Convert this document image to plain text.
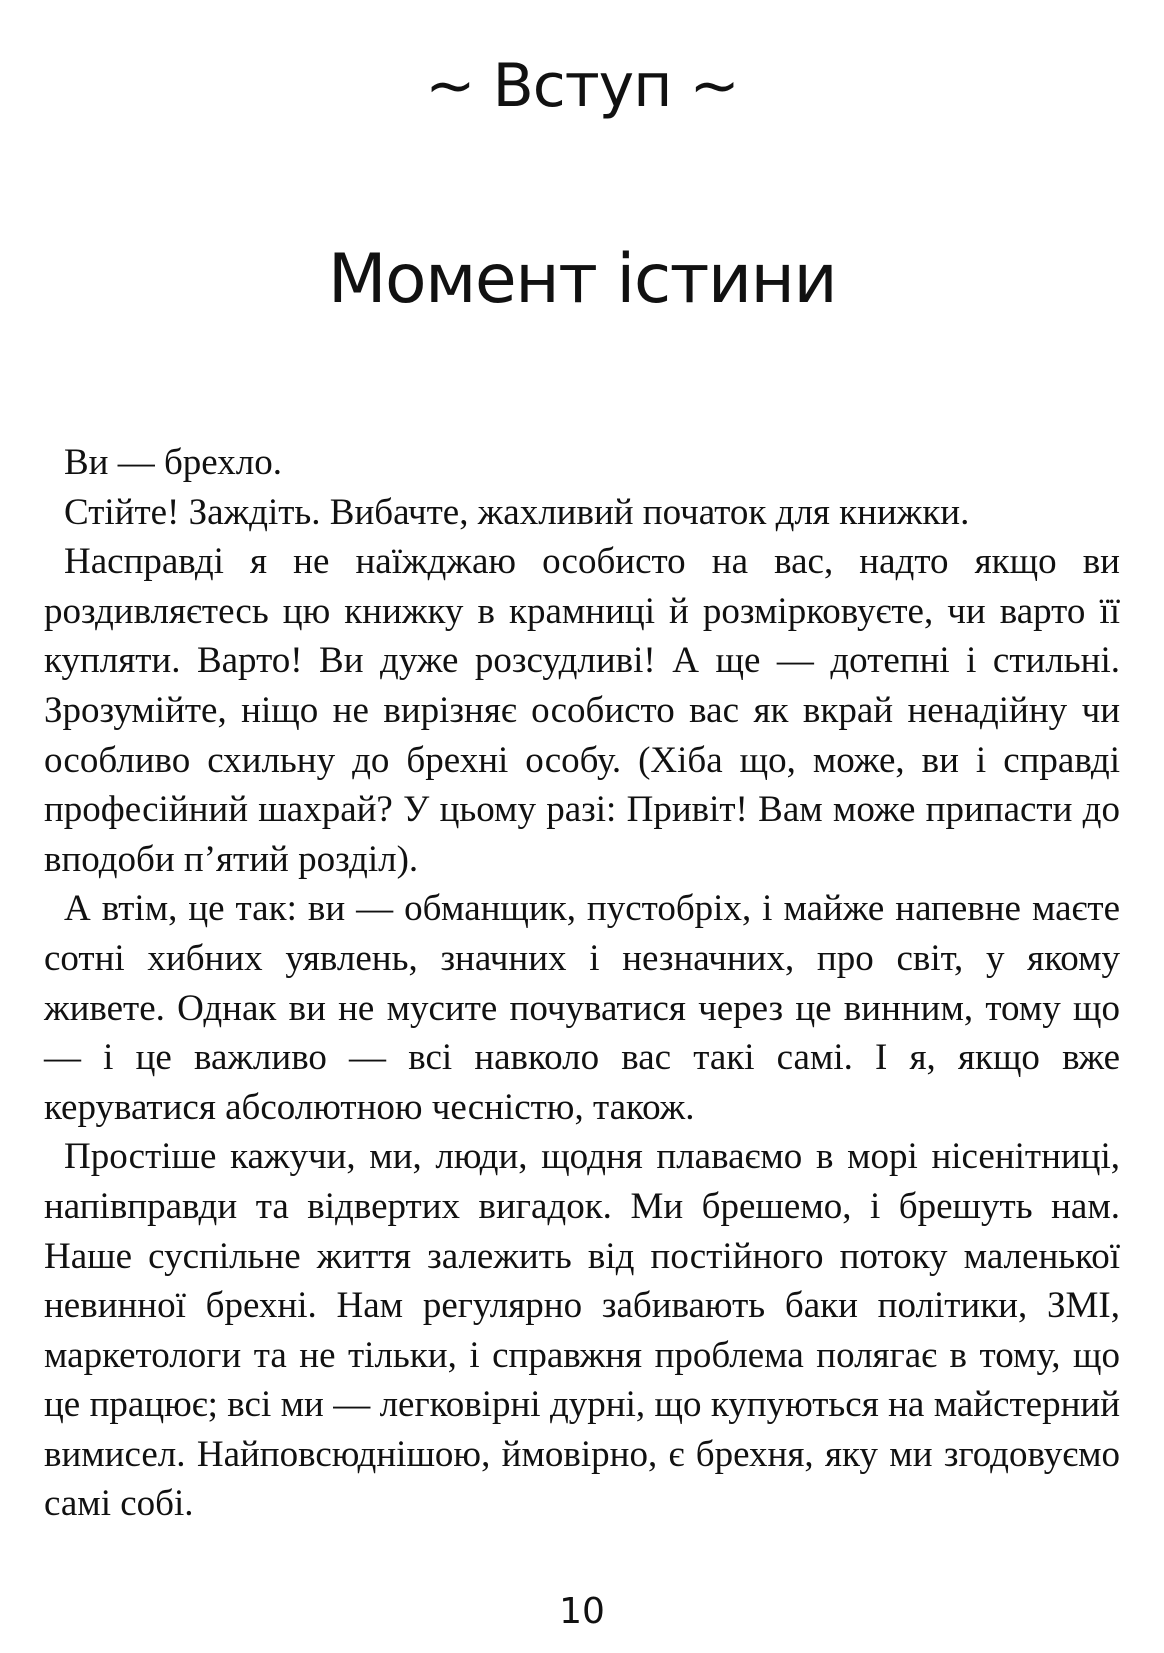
~ Вступ ~
Момент істини

Ви — брехло.

Стійте! Заждіть. Вибачте, жахливий початок для книжки.

Насправді я не наїжджаю особисто на вас, надто якщо ви роздивляєтесь цю книжку в крамниці й розмірковуєте, чи варто її купляти. Варто! Ви дуже розсудливі! А ще — дотепні і стильні. Зрозумійте, ніщо не вирізняє особисто вас як вкрай ненадійну чи особливо схильну до брехні особу. (Хіба що, може, ви і справді професійний шахрай? У цьому разі: Привіт! Вам може припасти до вподоби п’ятий розділ).

А втім, це так: ви — обманщик, пустобріх, і майже напевне маєте сотні хибних уявлень, значних і незначних, про світ, у якому живете. Однак ви не мусите почуватися через це винним, тому що — і це важливо — всі навколо вас такі самі. І я, якщо вже керуватися абсолютною чесністю, також.

Простіше кажучи, ми, люди, щодня плаваємо в морі нісенітниці, напівправди та відвертих вигадок. Ми брешемо, і брешуть нам. Наше суспільне життя залежить від постійного потоку маленької невинної брехні. Нам регулярно забивають баки політики, ЗМІ, маркетологи та не тільки, і справжня проблема полягає в тому, що це працює; всі ми — легковірні дурні, що купуються на майстерний вимисел. Найповсюднішою, ймовірно, є брехня, яку ми згодовуємо самі собі.

10
